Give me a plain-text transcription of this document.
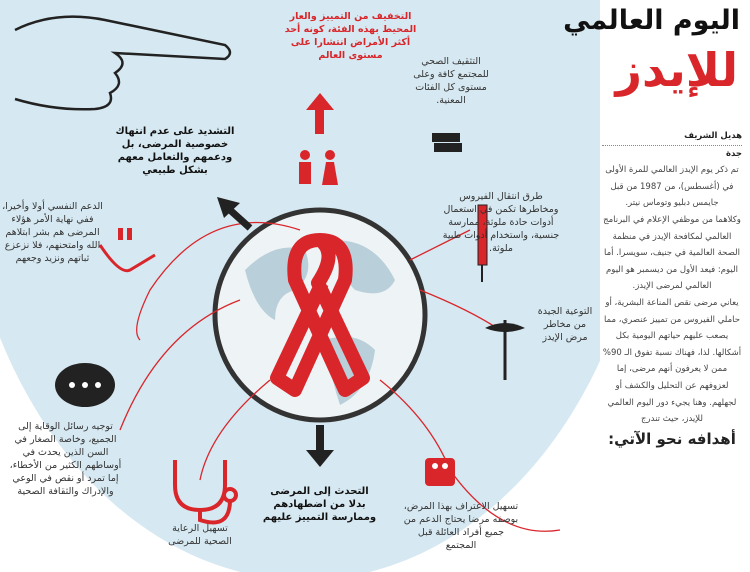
اليوم العالمي
للإيدز
هديل الشريف
جدة
تم ذكر يوم الإيدز العالمي للمرة الأولى في (أغسطس)، من 1987 من قبل جايمس دبليو وتوماس نيتر.
وكلاهما من موظفي الإعلام في البرنامج العالمي لمكافحة الإيدز في منظمة الصحة العالمية في جنيف، سويسرا. أما اليوم: فيعد الأول من ديسمبر هو اليوم العالمي لمرضى الإيدز.
يعاني مرضى نقص المناعة البشرية، أو حاملي الفيروس من تمييز عنصري، مما يصعب عليهم حياتهم اليومية بكل أشكالها. لذا، فهناك نسبة تفوق الـ 90% ممن لا يعرفون أنهم مرضى، إما لعزوفهم عن التحليل والكشف أو لجهلهم. وهنا يجيء دور اليوم العالمي للإيدز، حيث تندرج
أهدافه نحو الآتي:
التخفيف من التمييز والعار المحيط بهذه الفئة، كونه أحد أكثر الأمراض انتشارا على مستوى العالم
التثقيف الصحي للمجتمع كافة وعلى مستوى كل الفئات المعنية.
التشديد على عدم انتهاك خصوصية المرضى، بل ودعمهم والتعامل معهم بشكل طبيعي
الدعم النفسي أولا وأخيرا، ففي نهاية الأمر هؤلاء المرضى هم بشر ابتلاهم الله وامتحنهم، فلا نزعزع ثباتهم ونزيد وجعهم
طرق انتقال الفيروس ومخاطرها تكمن في استعمال أدوات حادة ملوثة، ممارسة جنسية، واستخدام أدوات طبية ملوثة.
التوعية الجيدة من مخاطر مرض الإيدز
توجيه رسائل الوقاية إلى الجميع، وخاصة الصغار في السن الذين يحدث في أوساطهم الكثير من الأخطاء، إما تمرد أو نقص في الوعي والإدراك والثقافة الصحية
تسهيل الرعاية الصحية للمرضى
التحدث إلى المرضى بدلا من اضطهادهم وممارسة التمييز عليهم
تسهيل الاعتراف بهذا المرض، بوصفه مرضا يحتاج الدعم من جميع أفراد العائلة قبل المجتمع
